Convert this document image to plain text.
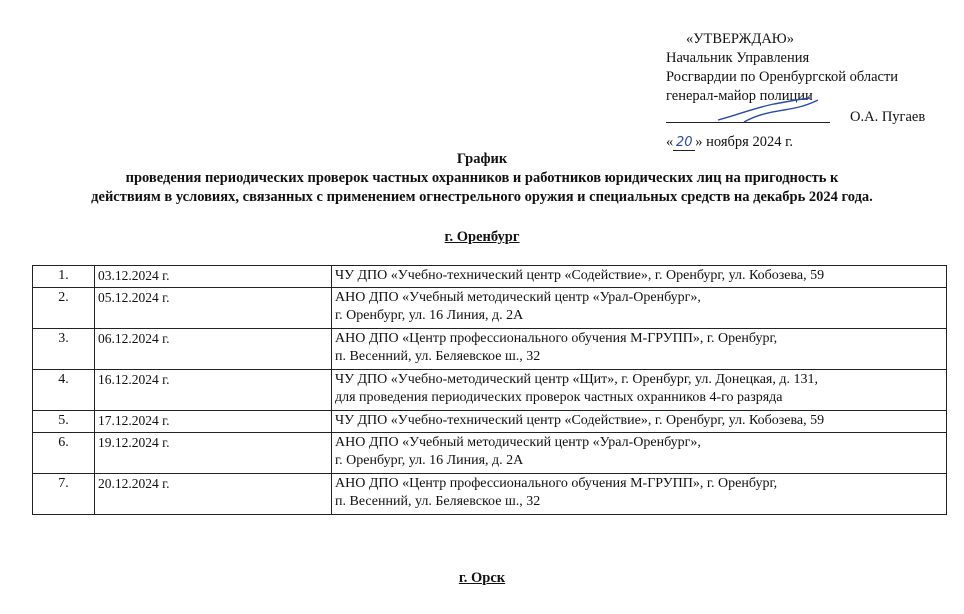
«УТВЕРЖДАЮ»
Начальник Управления
Росгвардии по Оренбургской области
генерал-майор полиции
О.А. Пугаев
« 20 » ноября 2024 г.
График
проведения периодических проверок частных охранников и работников юридических лиц на пригодность к
действиям в условиях, связанных с применением огнестрельного оружия и специальных средств на декабрь 2024 года.
г. Оренбург
1.	03.12.2024 г.	ЧУ ДПО «Учебно-технический центр «Содействие», г. Оренбург, ул. Кобозева, 59
2.	05.12.2024 г.	АНО ДПО «Учебный методический центр «Урал-Оренбург»,
г. Оренбург, ул. 16 Линия, д. 2А
3.	06.12.2024 г.	АНО ДПО «Центр профессионального обучения М-ГРУПП», г. Оренбург,
п. Весенний, ул. Беляевское ш., 32
4.	16.12.2024 г.	ЧУ ДПО «Учебно-методический центр «Щит», г. Оренбург, ул. Донецкая, д. 131,
для проведения периодических проверок частных охранников 4-го разряда
5.	17.12.2024 г.	ЧУ ДПО «Учебно-технический центр «Содействие», г. Оренбург, ул. Кобозева, 59
6.	19.12.2024 г.	АНО ДПО «Учебный методический центр «Урал-Оренбург»,
г. Оренбург, ул. 16 Линия, д. 2А
7.	20.12.2024 г.	АНО ДПО «Центр профессионального обучения М-ГРУПП», г. Оренбург,
п. Весенний, ул. Беляевское ш., 32
г. Орск
